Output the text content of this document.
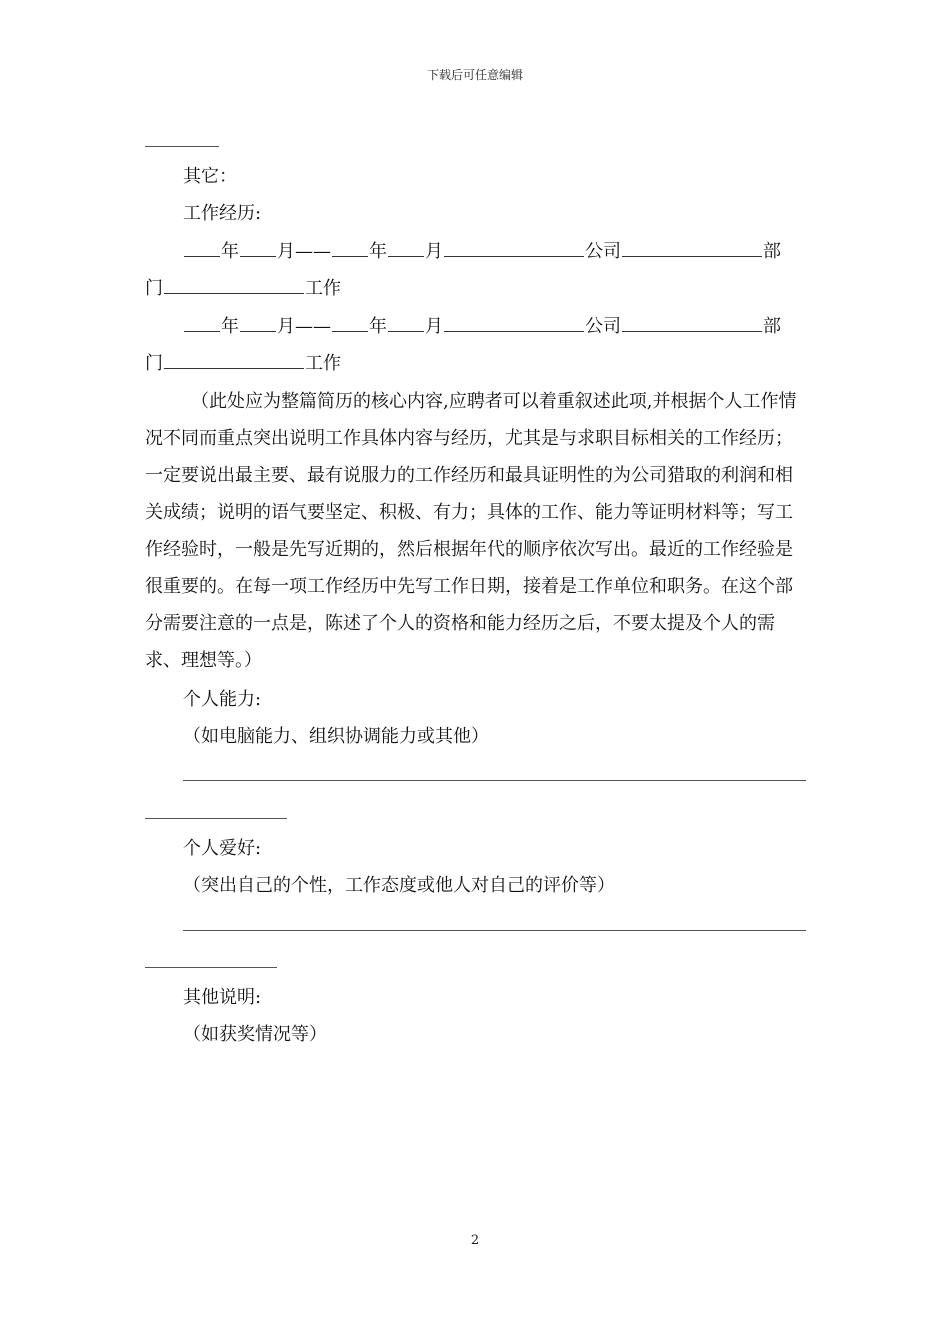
下载后可任意编辑
其它：
工作经历:
年 月—— 年 月	公司	部
门	工作
年 月—— 年 月	公司	部
门	工作
（此处应为整篇简历的核心内容,应聘者可以着重叙述此项,并根据个人工作情况不同而重点突出说明工作具体内容与经历，尤其是与求职目标相关的工作经历；一定要说出最主要、最有说服力的工作经历和最具证明性的为公司猎取的利润和相关成绩；说明的语气要坚定、积极、有力；具体的工作、能力等证明材料等；写工作经验时，一般是先写近期的，然后根据年代的顺序依次写出。最近的工作经验是很重要的。在每一项工作经历中先写工作日期，接着是工作单位和职务。在这个部分需要注意的一点是，陈述了个人的资格和能力经历之后，不要太提及个人的需求、理想等。）
个人能力:
（如电脑能力、组织协调能力或其他）
个人爱好:
（突出自己的个性，工作态度或他人对自己的评价等）
其他说明:
（如获奖情况等）
2
